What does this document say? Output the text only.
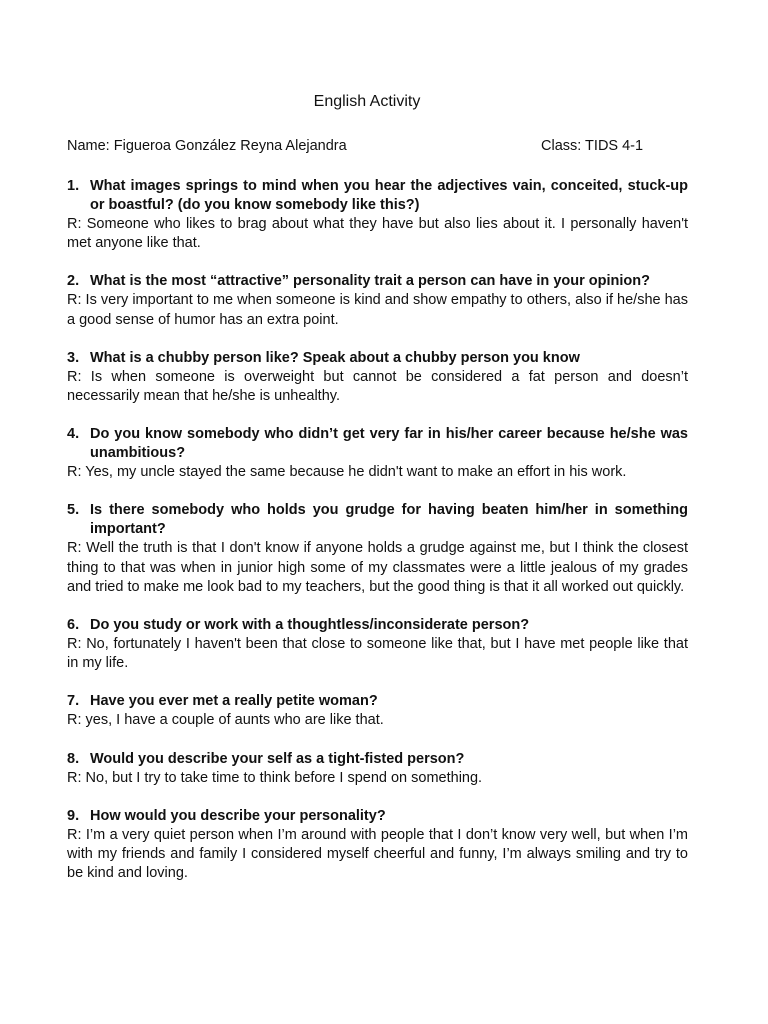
English Activity
Name: Figueroa González Reyna Alejandra	Class: TIDS 4-1
1. What images springs to mind when you hear the adjectives vain, conceited, stuck-up or boastful? (do you know somebody like this?)
R: Someone who likes to brag about what they have but also lies about it. I personally haven't met anyone like that.
2. What is the most “attractive” personality trait a person can have in your opinion?
R: Is very important to me when someone is kind and show empathy to others, also if he/she has a good sense of humor has an extra point.
3. What is a chubby person like? Speak about a chubby person you know
R: Is when someone is overweight but cannot be considered a fat person and doesn’t necessarily mean that he/she is unhealthy.
4. Do you know somebody who didn’t get very far in his/her career because he/she was unambitious?
R: Yes, my uncle stayed the same because he didn't want to make an effort in his work.
5. Is there somebody who holds you grudge for having beaten him/her in something important?
R: Well the truth is that I don't know if anyone holds a grudge against me, but I think the closest thing to that was when in junior high some of my classmates were a little jealous of my grades and tried to make me look bad to my teachers, but the good thing is that it all worked out quickly.
6. Do you study or work with a thoughtless/inconsiderate person?
R: No, fortunately I haven't been that close to someone like that, but I have met people like that in my life.
7. Have you ever met a really petite woman?
R: yes, I have a couple of aunts who are like that.
8. Would you describe your self as a tight-fisted person?
R: No, but I try to take time to think before I spend on something.
9. How would you describe your personality?
R: I’m a very quiet person when I’m around with people that I don’t know very well, but when I’m with my friends and family I considered myself cheerful and funny, I’m always smiling and try to be kind and loving.
